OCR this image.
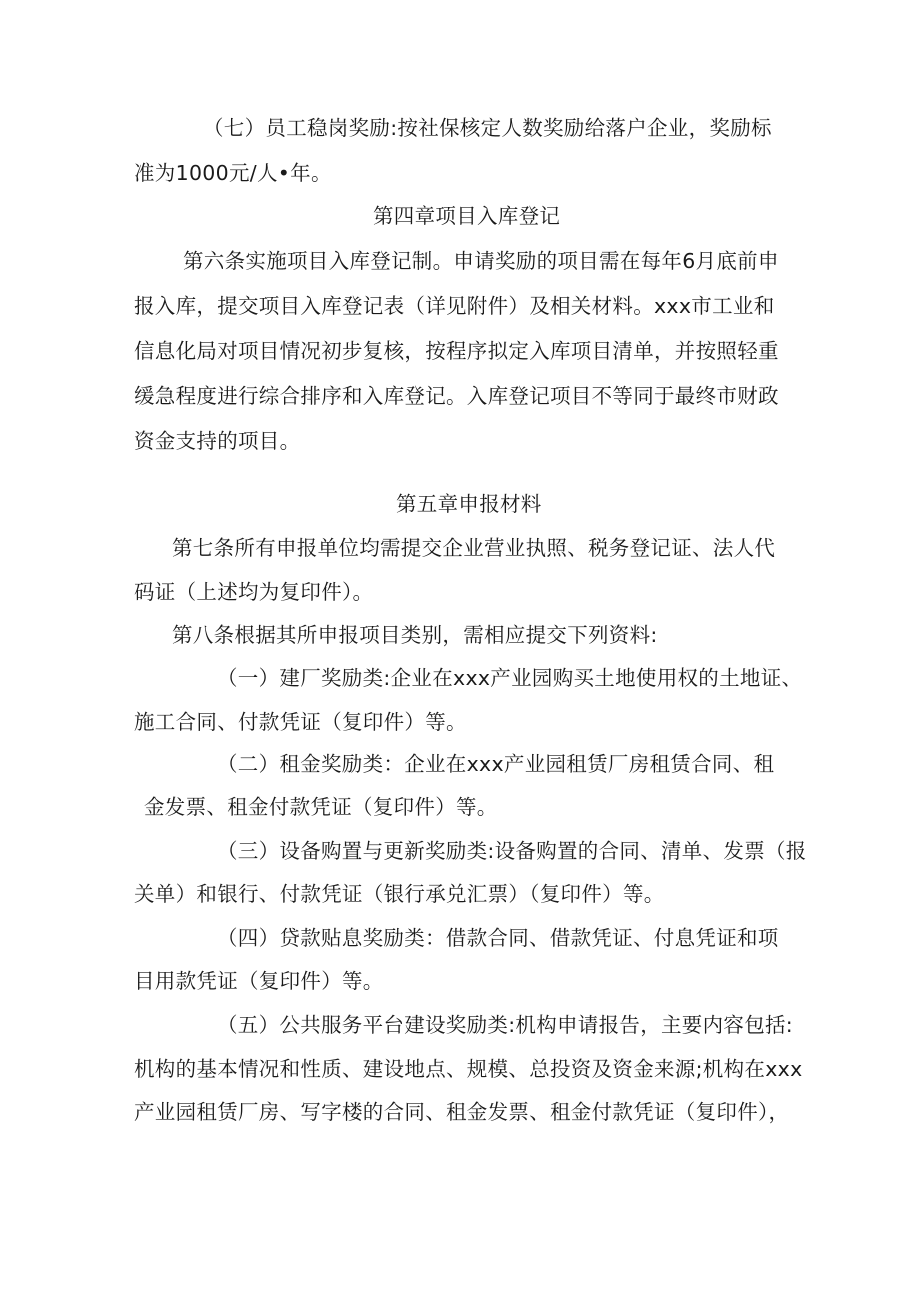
（七）员工稳岗奖励:按社保核定人数奖励给落户企业，奖励标
准为1000元/人•年。
第四章项目入库登记
第六条实施项目入库登记制。申请奖励的项目需在每年6月底前申
报入库，提交项目入库登记表（详见附件）及相关材料。xxx市工业和
信息化局对项目情况初步复核，按程序拟定入库项目清单，并按照轻重
缓急程度进行综合排序和入库登记。入库登记项目不等同于最终市财政
资金支持的项目。
第五章申报材料
第七条所有申报单位均需提交企业营业执照、税务登记证、法人代
码证（上述均为复印件）。
第八条根据其所申报项目类别，需相应提交下列资料:
（一）建厂奖励类:企业在xxx产业园购买土地使用权的土地证、
施工合同、付款凭证（复印件）等。
（二）租金奖励类：企业在xxx产业园租赁厂房租赁合同、租
金发票、租金付款凭证（复印件）等。
（三）设备购置与更新奖励类:设备购置的合同、清单、发票（报
关单）和银行、付款凭证（银行承兑汇票）（复印件）等。
（四）贷款贴息奖励类：借款合同、借款凭证、付息凭证和项
目用款凭证（复印件）等。
（五）公共服务平台建设奖励类:机构申请报告，主要内容包括:
机构的基本情况和性质、建设地点、规模、总投资及资金来源;机构在xxx
产业园租赁厂房、写字楼的合同、租金发票、租金付款凭证（复印件），
